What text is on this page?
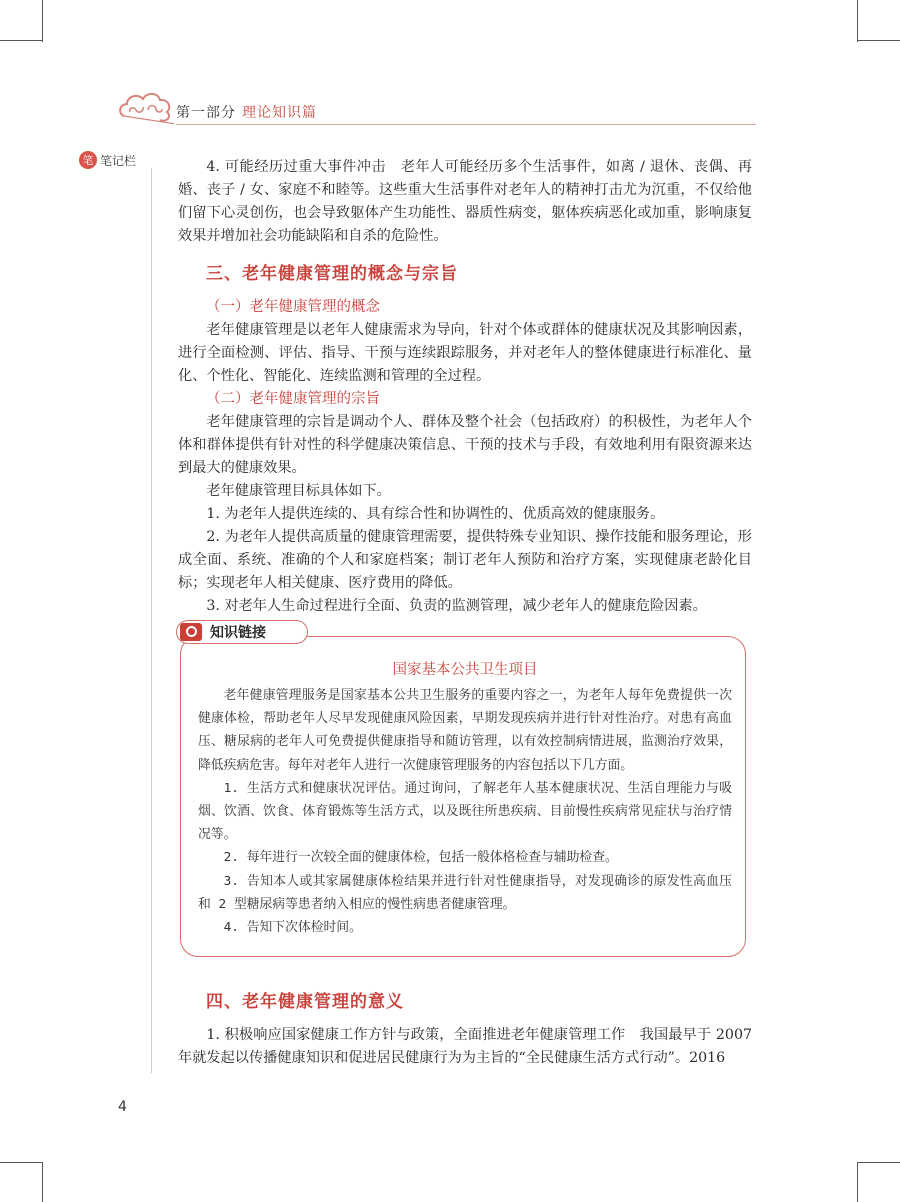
第一部分 理论知识篇
笔 笔记栏	4. 可能经历过重大事件冲击　老年人可能经历多个生活事件，如离 / 退休、丧偶、再婚、丧子 / 女、家庭不和睦等。这些重大生活事件对老年人的精神打击尤为沉重，不仅给他们留下心灵创伤，也会导致躯体产生功能性、器质性病变，躯体疾病恶化或加重，影响康复效果并增加社会功能缺陷和自杀的危险性。

三、老年健康管理的概念与宗旨
（一）老年健康管理的概念

老年健康管理是以老年人健康需求为导向，针对个体或群体的健康状况及其影响因素，进行全面检测、评估、指导、干预与连续跟踪服务，并对老年人的整体健康进行标准化、量化、个性化、智能化、连续监测和管理的全过程。

（二）老年健康管理的宗旨

老年健康管理的宗旨是调动个人、群体及整个社会（包括政府）的积极性，为老年人个体和群体提供有针对性的科学健康决策信息、干预的技术与手段，有效地利用有限资源来达到最大的健康效果。

老年健康管理目标具体如下。

1. 为老年人提供连续的、具有综合性和协调性的、优质高效的健康服务。

2. 为老年人提供高质量的健康管理需要，提供特殊专业知识、操作技能和服务理论，形成全面、系统、准确的个人和家庭档案；制订老年人预防和治疗方案，实现健康老龄化目标；实现老年人相关健康、医疗费用的降低。

3. 对老年人生命过程进行全面、负责的监测管理，减少老年人的健康危险因素。

知识链接
国家基本公共卫生项目

老年健康管理服务是国家基本公共卫生服务的重要内容之一，为老年人每年免费提供一次健康体检，帮助老年人尽早发现健康风险因素，早期发现疾病并进行针对性治疗。对患有高血压、糖尿病的老年人可免费提供健康指导和随访管理，以有效控制病情进展，监测治疗效果，降低疾病危害。每年对老年人进行一次健康管理服务的内容包括以下几方面。

1. 生活方式和健康状况评估。通过询问，了解老年人基本健康状况、生活自理能力与吸烟、饮酒、饮食、体育锻炼等生活方式，以及既往所患疾病、目前慢性疾病常见症状与治疗情况等。

2. 每年进行一次较全面的健康体检，包括一般体格检查与辅助检查。

3. 告知本人或其家属健康体检结果并进行针对性健康指导，对发现确诊的原发性高血压和 2 型糖尿病等患者纳入相应的慢性病患者健康管理。

4. 告知下次体检时间。

四、老年健康管理的意义

1. 积极响应国家健康工作方针与政策，全面推进老年健康管理工作　我国最早于 2007 年就发起以传播健康知识和促进居民健康行为为主旨的“全民健康生活方式行动”。2016

4
